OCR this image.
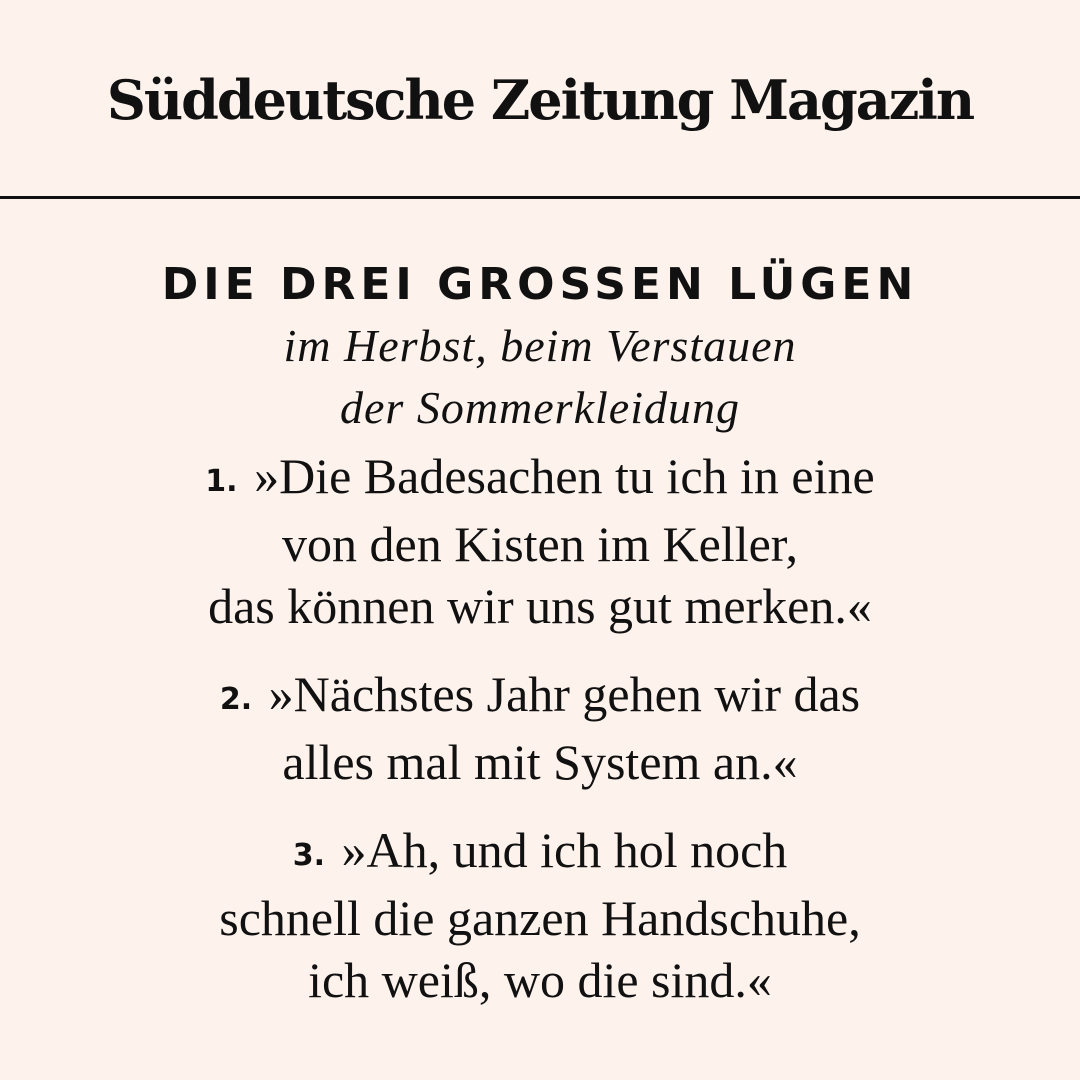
Süddeutsche Zeitung Magazin
DIE DREI GROSSEN LÜGEN
im Herbst, beim Verstauen
der Sommerkleidung
1. »Die Badesachen tu ich in eine
von den Kisten im Keller,
das können wir uns gut merken.«
2. »Nächstes Jahr gehen wir das
alles mal mit System an.«
3. »Ah, und ich hol noch
schnell die ganzen Handschuhe,
ich weiß, wo die sind.«
